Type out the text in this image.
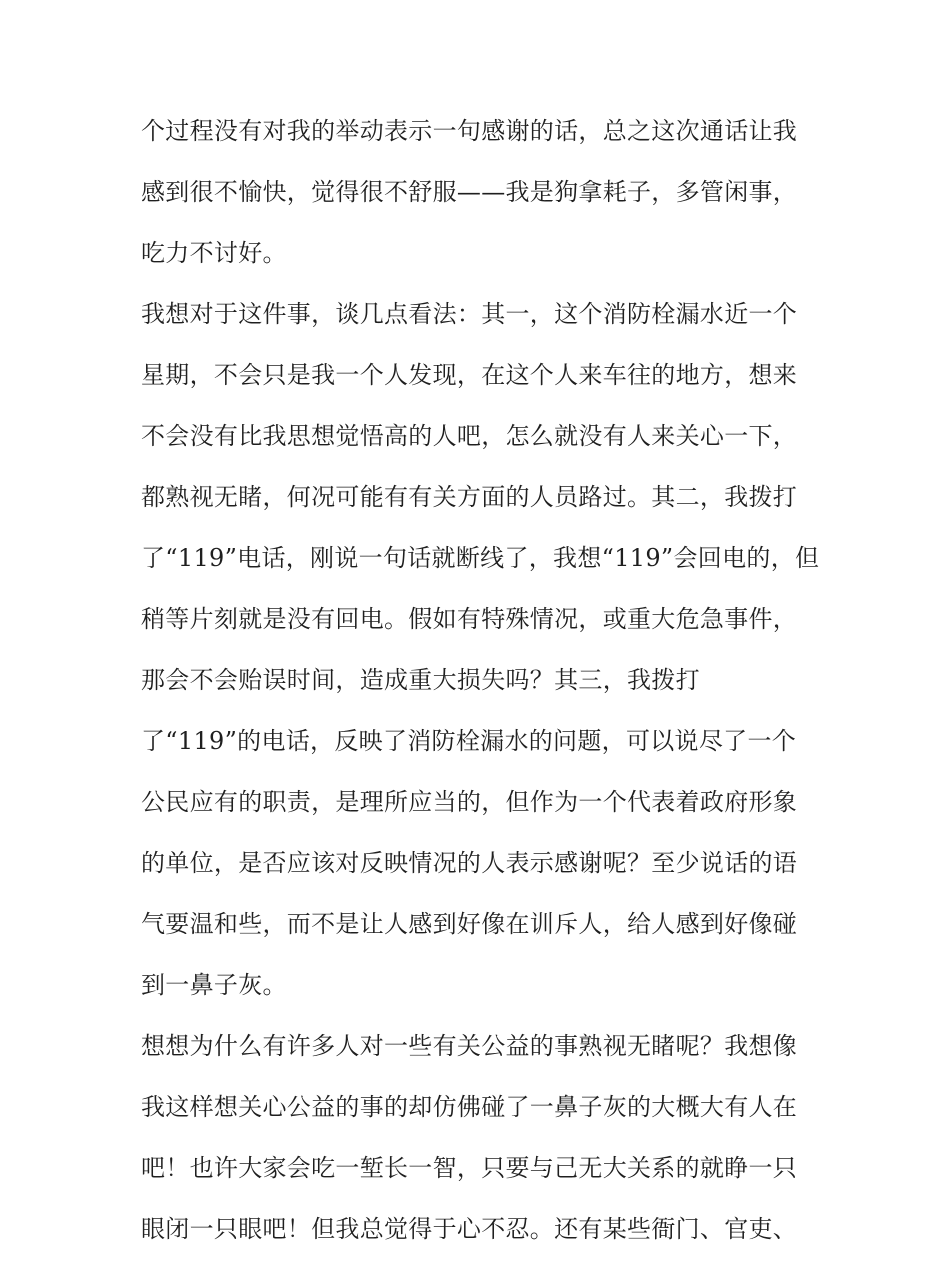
个过程没有对我的举动表示一句感谢的话，总之这次通话让我
感到很不愉快，觉得很不舒服——我是狗拿耗子，多管闲事，
吃力不讨好。
我想对于这件事，谈几点看法：其一，这个消防栓漏水近一个
星期，不会只是我一个人发现，在这个人来车往的地方，想来
不会没有比我思想觉悟高的人吧，怎么就没有人来关心一下，
都熟视无睹，何况可能有有关方面的人员路过。其二，我拨打
了“119”电话，刚说一句话就断线了，我想“119”会回电的，但
稍等片刻就是没有回电。假如有特殊情况，或重大危急事件，
那会不会贻误时间，造成重大损失吗？其三，我拨打
了“119”的电话，反映了消防栓漏水的问题，可以说尽了一个
公民应有的职责，是理所应当的，但作为一个代表着政府形象
的单位，是否应该对反映情况的人表示感谢呢？至少说话的语
气要温和些，而不是让人感到好像在训斥人，给人感到好像碰
到一鼻子灰。
想想为什么有许多人对一些有关公益的事熟视无睹呢？我想像
我这样想关心公益的事的却仿佛碰了一鼻子灰的大概大有人在
吧！也许大家会吃一堑长一智，只要与己无大关系的就睁一只
眼闭一只眼吧！但我总觉得于心不忍。还有某些衙门、官吏、
